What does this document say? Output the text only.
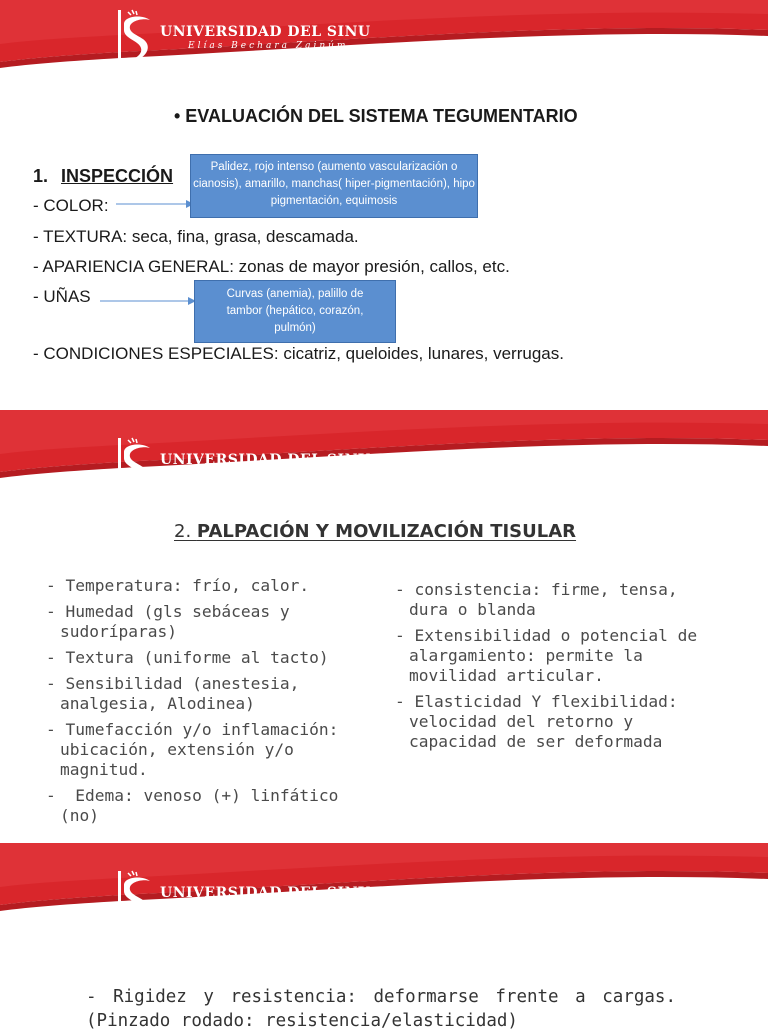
UNIVERSIDAD DEL SINU
Elías Bechara Zainúm
Fundada en 1974
• EVALUACIÓN DEL SISTEMA TEGUMENTARIO
1. INSPECCIÓN
- COLOR:
- TEXTURA: seca, fina, grasa, descamada.
- APARIENCIA GENERAL: zonas de mayor presión, callos, etc.
- UÑAS
- CONDICIONES ESPECIALES: cicatriz, queloides, lunares, verrugas.
Palidez, rojo intenso (aumento vascularización o cianosis), amarillo, manchas( hiper-pigmentación), hipo pigmentación, equimosis
Curvas (anemia), palillo de tambor (hepático, corazón, pulmón)
UNIVERSIDAD DEL SINU
Elías Bechara Zainúm
Fundada en 1974
2. PALPACIÓN Y MOVILIZACIÓN TISULAR
- Temperatura: frío, calor.
- Humedad (gls sebáceas y sudoríparas)
- Textura (uniforme al tacto)
- Sensibilidad (anestesia, analgesia, Alodinea)
- Tumefacción y/o inflamación: ubicación, extensión y/o magnitud.
-  Edema: venoso (+) linfático (no)
- consistencia: firme, tensa, dura o blanda
- Extensibilidad o potencial de alargamiento: permite la movilidad articular.
- Elasticidad Y flexibilidad: velocidad del retorno y capacidad de ser deformada
UNIVERSIDAD DEL SINU
Elías Bechara Zainúm
Fundada en 1974
- Rigidez y resistencia: deformarse frente a cargas.
(Pinzado rodado: resistencia/elasticidad)
